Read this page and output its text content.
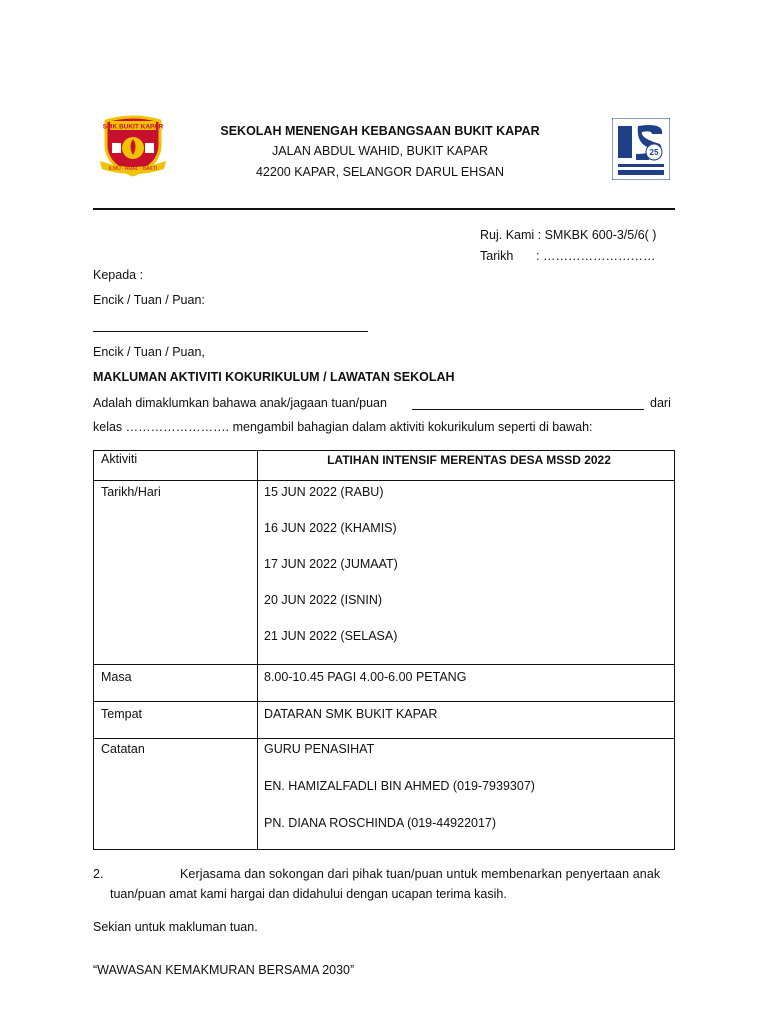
SMK BUKIT KAPAR
ILMU · AMAL · BAKTI
25
SEKOLAH MENENGAH KEBANGSAAN BUKIT KAPAR
JALAN ABDUL WAHID, BUKIT KAPAR
42200 KAPAR, SELANGOR DARUL EHSAN
Ruj. Kami : SMKBK 600-3/5/6( )
Tarikh : ………………………
Kepada :
Encik / Tuan / Puan:
Encik / Tuan / Puan,
MAKLUMAN AKTIVITI KOKURIKULUM / LAWATAN SEKOLAH
Adalah dimaklumkan bahawa anak/jagaan tuan/puan	dari
kelas ……………………. mengambil bahagian dalam aktiviti kokurikulum seperti di bawah:
Aktiviti	LATIHAN INTENSIF MERENTAS DESA MSSD 2022
Tarikh/Hari	15 JUN 2022 (RABU)
16 JUN 2022 (KHAMIS)
17 JUN 2022 (JUMAAT)
20 JUN 2022 (ISNIN)
21 JUN 2022 (SELASA)

Masa	8.00-10.45 PAGI 4.00-6.00 PETANG
Tempat	DATARAN SMK BUKIT KAPAR
Catatan	GURU PENASIHAT
EN. HAMIZALFADLI BIN AHMED (019-7939307)
PN. DIANA ROSCHINDA (019-44922017)
2.	Kerjasama dan sokongan dari pihak tuan/puan untuk membenarkan penyertaan anak
tuan/puan amat kami hargai dan didahului dengan ucapan terima kasih.
Sekian untuk makluman tuan.
“WAWASAN KEMAKMURAN BERSAMA 2030”
